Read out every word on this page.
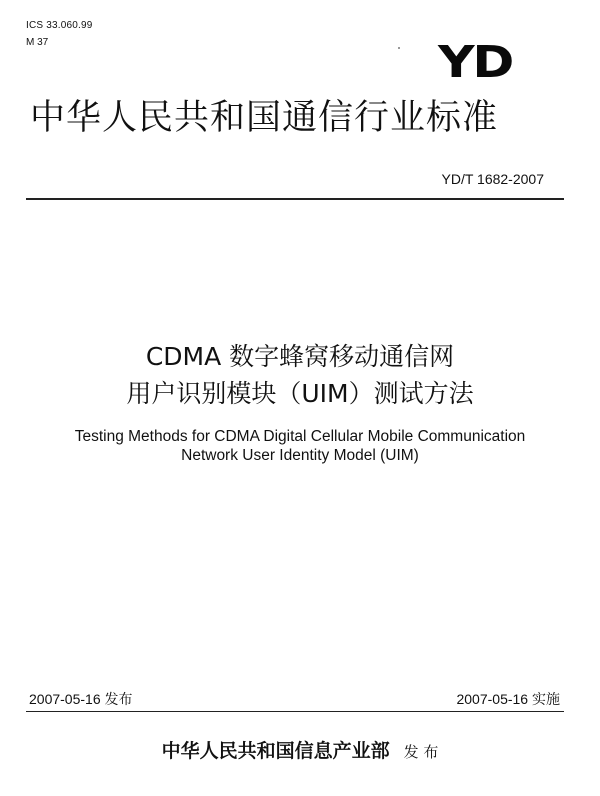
ICS 33.060.99
M 37	YD
中华人民共和国通信行业标准
YD/T 1682-2007
CDMA 数字蜂窝移动通信网
用户识别模块（UIM）测试方法
Testing Methods for CDMA Digital Cellular Mobile Communication
Network User Identity Model (UIM)
2007-05-16 发布	2007-05-16 实施
中华人民共和国信息产业部 发 布
